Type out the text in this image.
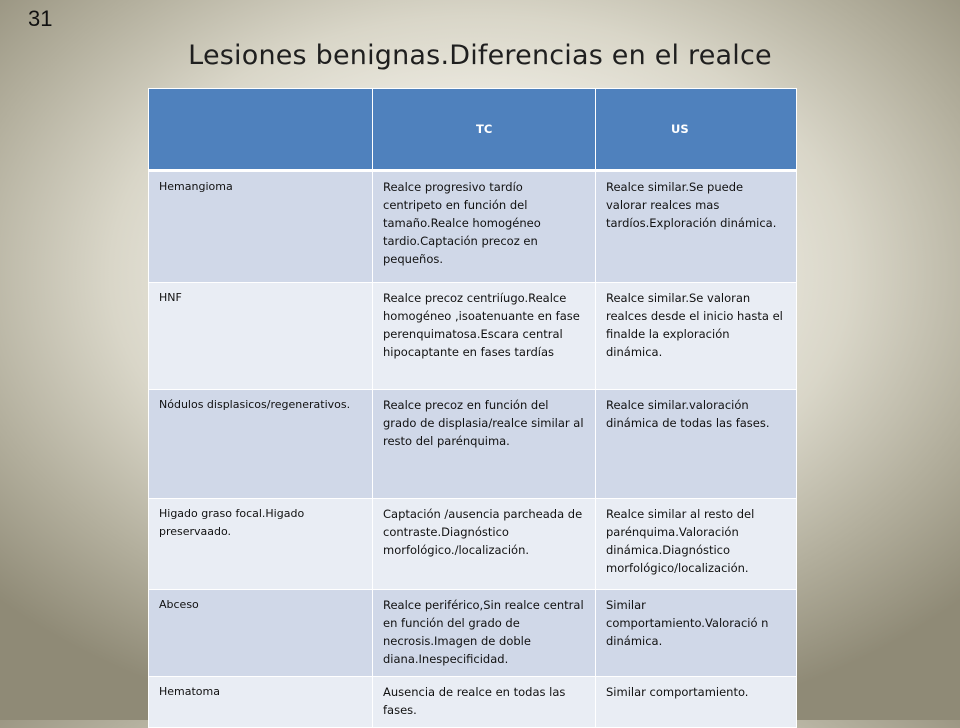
31
Lesiones benignas.Diferencias en el realce
	TC	US
Hemangioma	Realce progresivo tardío centripeto en función del tamaño.Realce homogéneo tardio.Captación precoz en pequeños.	Realce similar.Se puede valorar realces mas tardíos.Exploración dinámica.
HNF	Realce precoz centriíugo.Realce homogéneo ,isoatenuante en fase perenquimatosa.Escara central hipocaptante en fases tardías	Realce similar.Se valoran realces desde el inicio hasta el finalde la exploración dinámica.
Nódulos displasicos/regenerativos.	Realce precoz en función del grado de displasia/realce similar al resto del parénquima.	Realce similar.valoración dinámica de todas las fases.
Higado graso focal.Higado preservaado.	Captación /ausencia parcheada de contraste.Diagnóstico morfológico./localización.	Realce similar al resto del parénquima.Valoración dinámica.Diagnóstico morfológico/localización.
Abceso	Realce periférico,Sin realce central en función del grado de necrosis.Imagen de doble diana.Inespecificidad.	Similar comportamiento.Valoració n dinámica.
Hematoma	Ausencia de realce en todas las fases.	Similar comportamiento.
